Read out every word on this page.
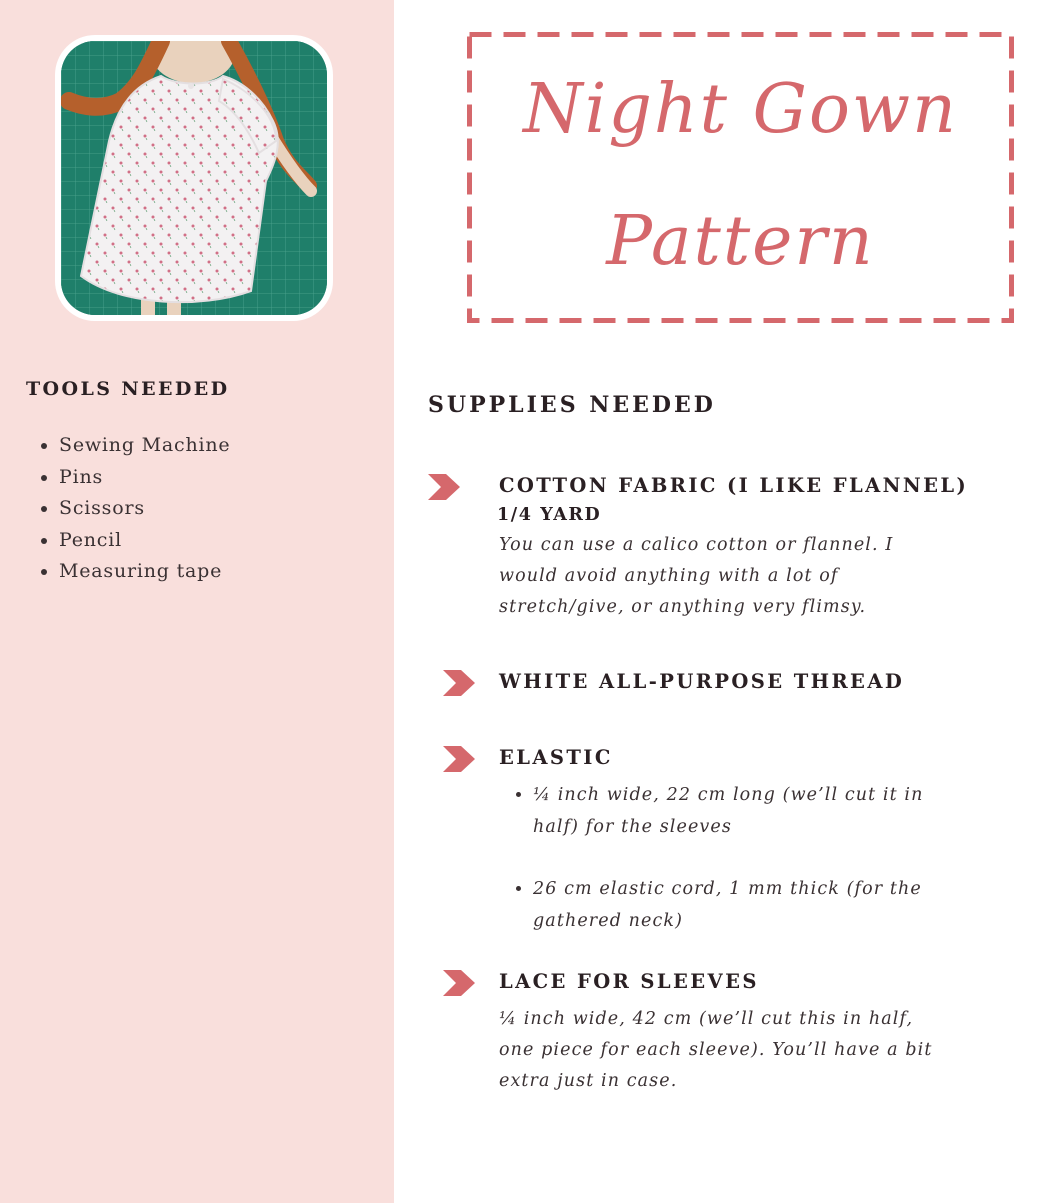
TOOLS NEEDED
• Sewing Machine
• Pins
• Scissors
• Pencil
• Measuring tape
Night Gown
Pattern
SUPPLIES NEEDED

COTTON FABRIC (I LIKE FLANNEL)

1/4 YARD

You can use a calico cotton or flannel. I would avoid anything with a lot of stretch/give, or anything very flimsy.

WHITE ALL-PURPOSE THREAD

ELASTIC

• ¼ inch wide, 22 cm long (we’ll cut it in half) for the sleeves
• 26 cm elastic cord, 1 mm thick (for the gathered neck)

LACE FOR SLEEVES

¼ inch wide, 42 cm (we’ll cut this in half, one piece for each sleeve). You’ll have a bit extra just in case.
